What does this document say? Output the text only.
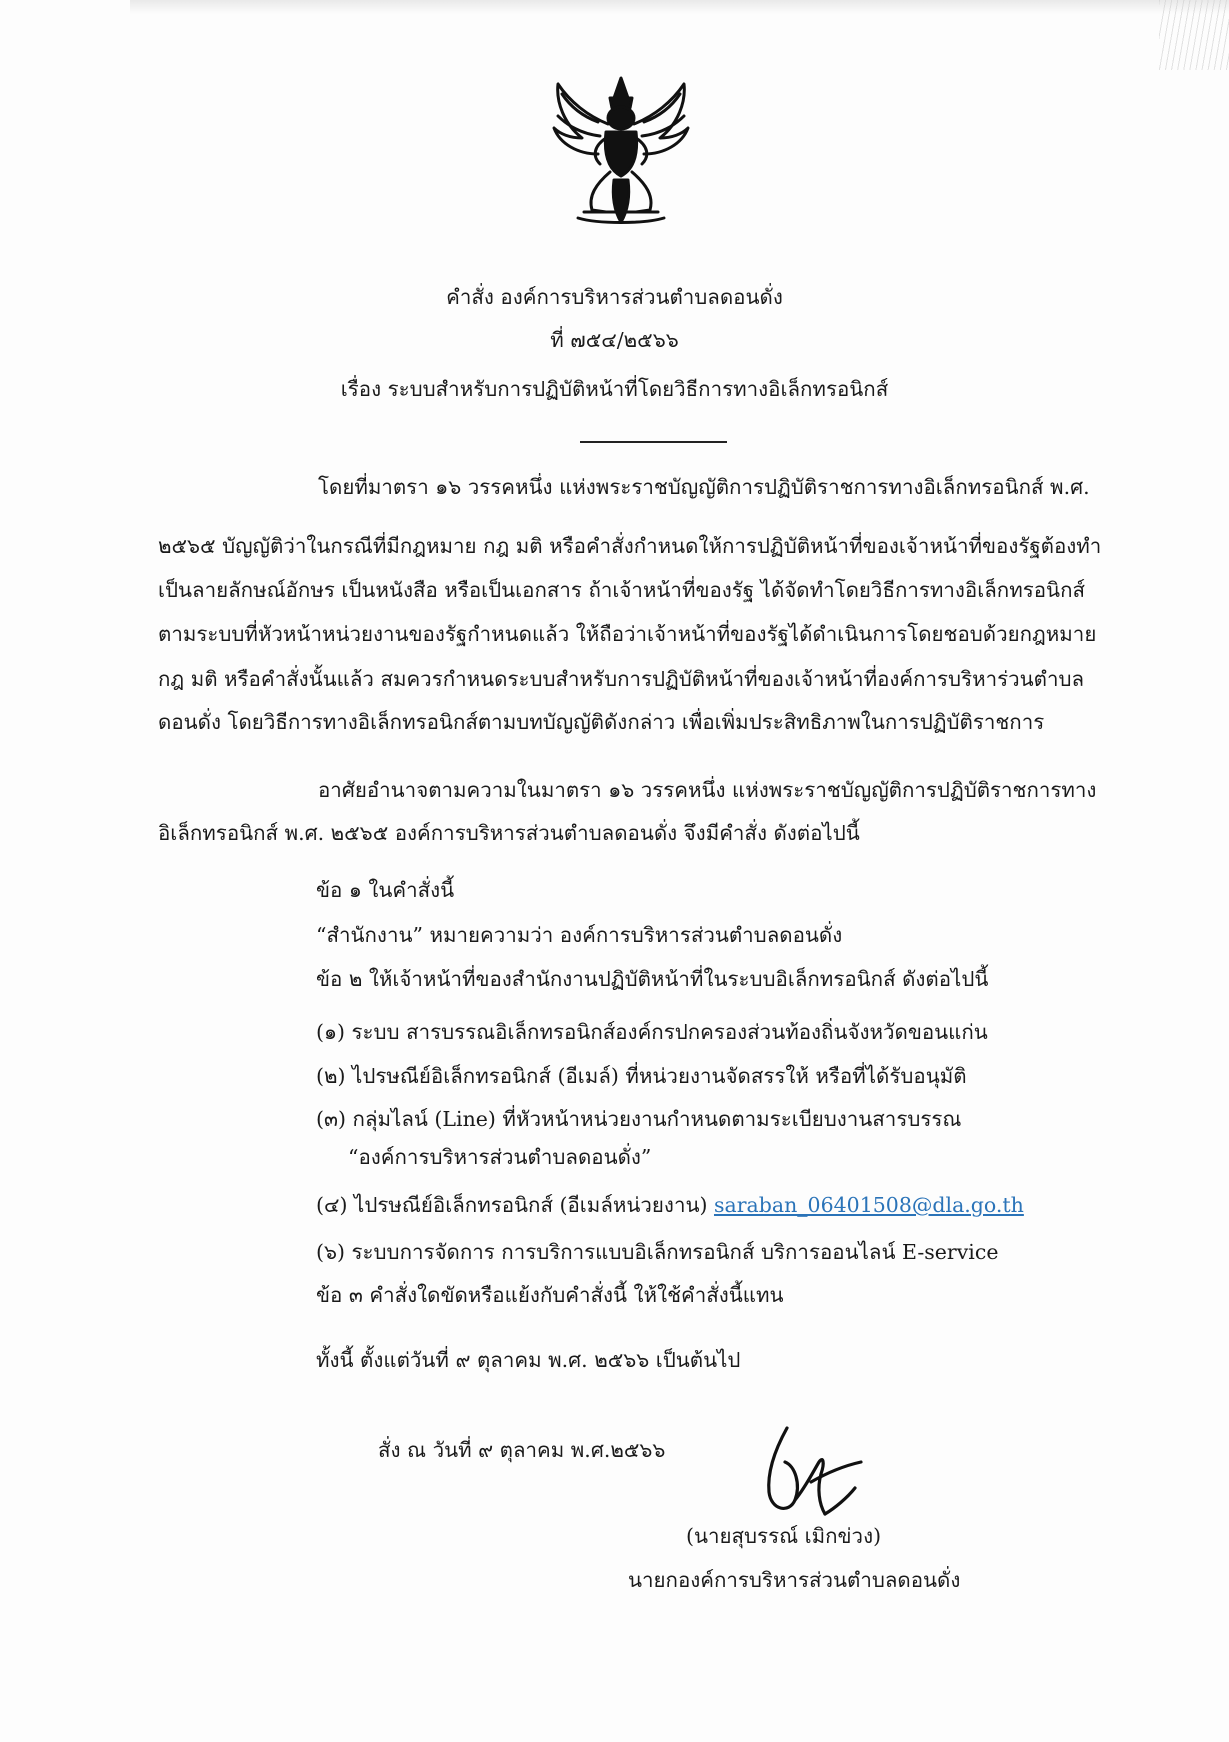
คำสั่ง องค์การบริหารส่วนตำบลดอนดั่ง
ที่ ๗๕๔/๒๕๖๖
เรื่อง ระบบสำหรับการปฏิบัติหน้าที่โดยวิธีการทางอิเล็กทรอนิกส์
โดยที่มาตรา ๑๖ วรรคหนึ่ง แห่งพระราชบัญญัติการปฏิบัติราชการทางอิเล็กทรอนิกส์ พ.ศ.
๒๕๖๕ บัญญัติว่าในกรณีที่มีกฎหมาย กฎ มติ หรือคำสั่งกำหนดให้การปฏิบัติหน้าที่ของเจ้าหน้าที่ของรัฐต้องทำ
เป็นลายลักษณ์อักษร เป็นหนังสือ หรือเป็นเอกสาร ถ้าเจ้าหน้าที่ของรัฐ ได้จัดทำโดยวิธีการทางอิเล็กทรอนิกส์
ตามระบบที่หัวหน้าหน่วยงานของรัฐกำหนดแล้ว ให้ถือว่าเจ้าหน้าที่ของรัฐได้ดำเนินการโดยชอบด้วยกฎหมาย
กฎ มติ หรือคำสั่งนั้นแล้ว สมควรกำหนดระบบสำหรับการปฏิบัติหน้าที่ของเจ้าหน้าที่องค์การบริหาร่วนตำบล
ดอนดั่ง โดยวิธีการทางอิเล็กทรอนิกส์ตามบทบัญญัติดังกล่าว เพื่อเพิ่มประสิทธิภาพในการปฏิบัติราชการ
อาศัยอำนาจตามความในมาตรา ๑๖ วรรคหนึ่ง แห่งพระราชบัญญัติการปฏิบัติราชการทาง
อิเล็กทรอนิกส์ พ.ศ. ๒๕๖๕ องค์การบริหารส่วนตำบลดอนดั่ง จึงมีคำสั่ง ดังต่อไปนี้
ข้อ ๑ ในคำสั่งนี้
“สำนักงาน” หมายความว่า องค์การบริหารส่วนตำบลดอนดั่ง
ข้อ ๒ ให้เจ้าหน้าที่ของสำนักงานปฏิบัติหน้าที่ในระบบอิเล็กทรอนิกส์ ดังต่อไปนี้
(๑) ระบบ สารบรรณอิเล็กทรอนิกส์องค์กรปกครองส่วนท้องถิ่นจังหวัดขอนแก่น
(๒) ไปรษณีย์อิเล็กทรอนิกส์ (อีเมล์) ที่หน่วยงานจัดสรรให้ หรือที่ได้รับอนุมัติ
(๓) กลุ่มไลน์ (Line) ที่หัวหน้าหน่วยงานกำหนดตามระเบียบงานสารบรรณ
“องค์การบริหารส่วนตำบลดอนดั่ง”
(๔) ไปรษณีย์อิเล็กทรอนิกส์ (อีเมล์หน่วยงาน) saraban_06401508@dla.go.th
(๖) ระบบการจัดการ การบริการแบบอิเล็กทรอนิกส์ บริการออนไลน์ E-service
ข้อ ๓ คำสั่งใดขัดหรือแย้งกับคำสั่งนี้ ให้ใช้คำสั่งนี้แทน
ทั้งนี้ ตั้งแต่วันที่ ๙ ตุลาคม พ.ศ. ๒๕๖๖ เป็นต้นไป
สั่ง ณ วันที่ ๙ ตุลาคม พ.ศ.๒๕๖๖
(นายสุบรรณ์ เมิกข่วง)
นายกองค์การบริหารส่วนตำบลดอนดั่ง
